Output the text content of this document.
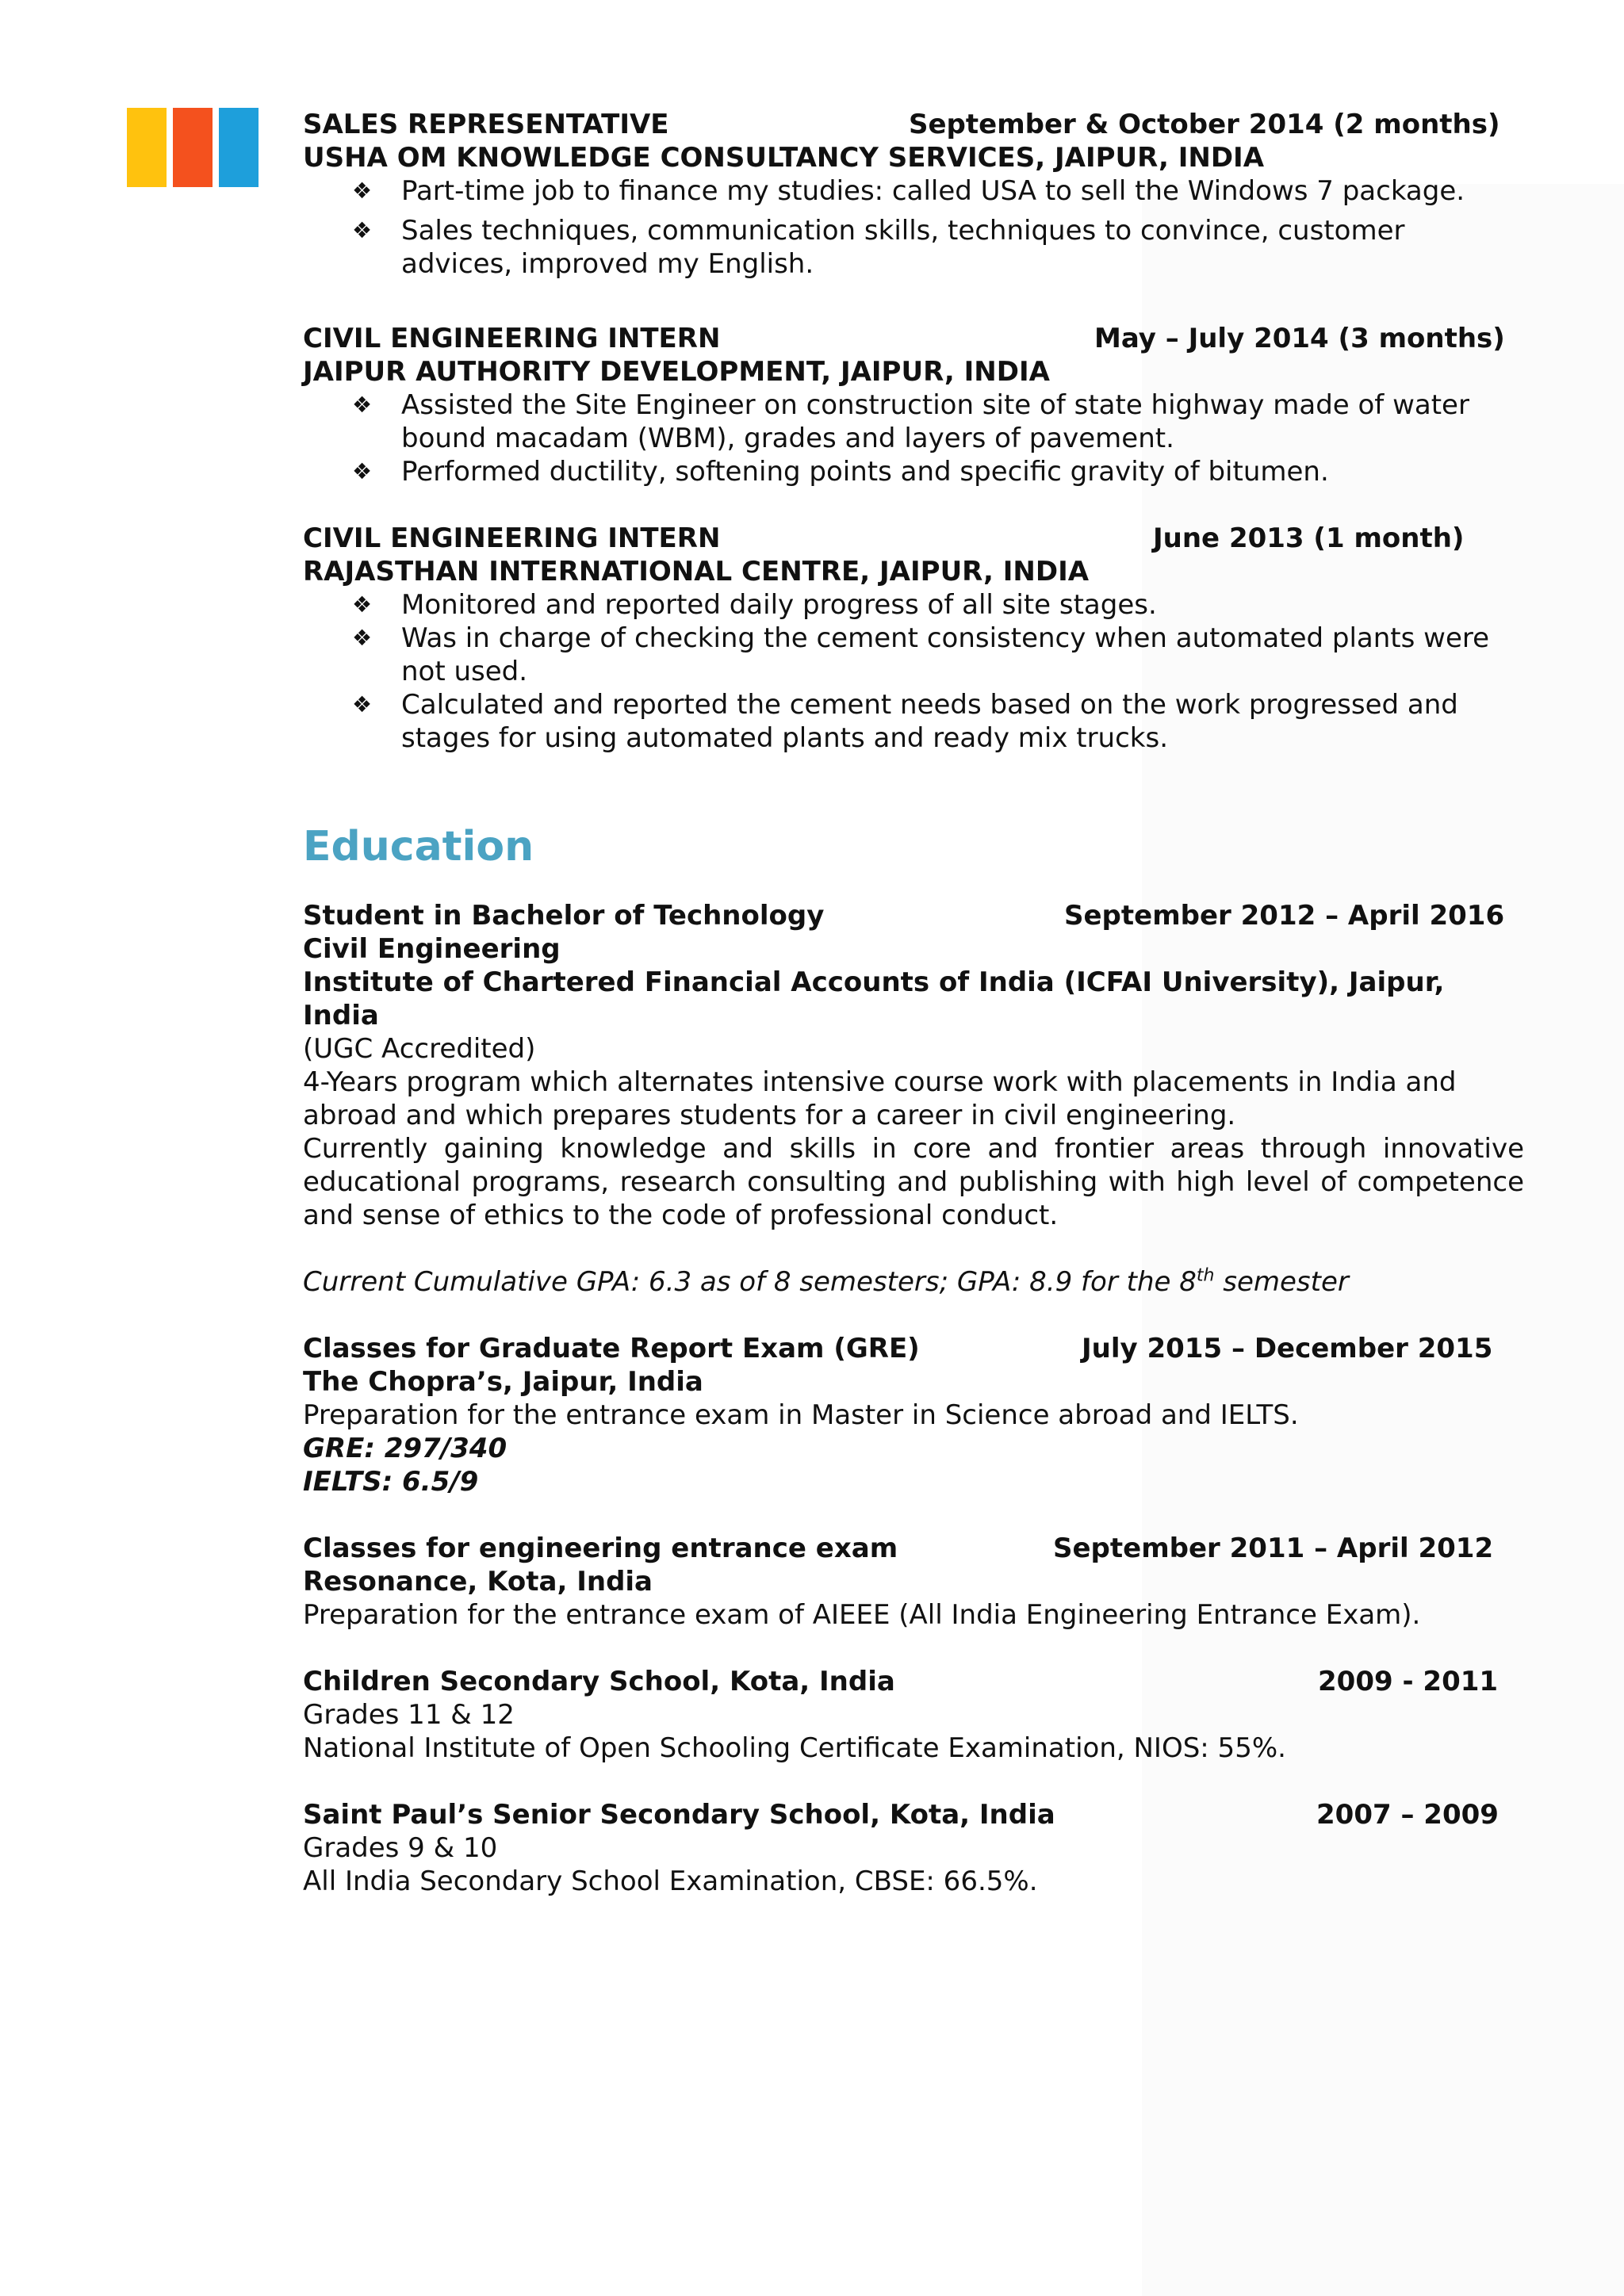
SALES REPRESENTATIVE	September & October 2014 (2 months)
USHA OM KNOWLEDGE CONSULTANCY SERVICES, JAIPUR, INDIA
❖ Part-time job to finance my studies: called USA to sell the Windows 7 package.
❖ Sales techniques, communication skills, techniques to convince, customer advices, improved my English.
CIVIL ENGINEERING INTERN	May – July 2014 (3 months)
JAIPUR AUTHORITY DEVELOPMENT, JAIPUR, INDIA
❖ Assisted the Site Engineer on construction site of state highway made of water bound macadam (WBM), grades and layers of pavement.
❖ Performed ductility, softening points and specific gravity of bitumen.
CIVIL ENGINEERING INTERN	June 2013 (1 month)
RAJASTHAN INTERNATIONAL CENTRE, JAIPUR, INDIA
❖ Monitored and reported daily progress of all site stages.
❖ Was in charge of checking the cement consistency when automated plants were not used.
❖ Calculated and reported the cement needs based on the work progressed and stages for using automated plants and ready mix trucks.
Education
Student in Bachelor of Technology	September 2012 – April 2016
Civil Engineering
Institute of Chartered Financial Accounts of India (ICFAI University), Jaipur, India

(UGC Accredited)

4-Years program which alternates intensive course work with placements in India and abroad and which prepares students for a career in civil engineering.

Currently gaining knowledge and skills in core and frontier areas through innovative educational programs, research consulting and publishing with high level of competence and sense of ethics to the code of professional conduct.

Current Cumulative GPA: 6.3 as of 8 semesters; GPA: 8.9 for the 8th semester

Classes for Graduate Report Exam (GRE)	July 2015 – December 2015
The Chopra’s, Jaipur, India

Preparation for the entrance exam in Master in Science abroad and IELTS.

GRE: 297/340

IELTS: 6.5/9

Classes for engineering entrance exam	September 2011 – April 2012
Resonance, Kota, India

Preparation for the entrance exam of AIEEE (All India Engineering Entrance Exam).

Children Secondary School, Kota, India	2009 - 2011

Grades 11 & 12

National Institute of Open Schooling Certificate Examination, NIOS: 55%.

Saint Paul’s Senior Secondary School, Kota, India	2007 – 2009

Grades 9 & 10

All India Secondary School Examination, CBSE: 66.5%.
